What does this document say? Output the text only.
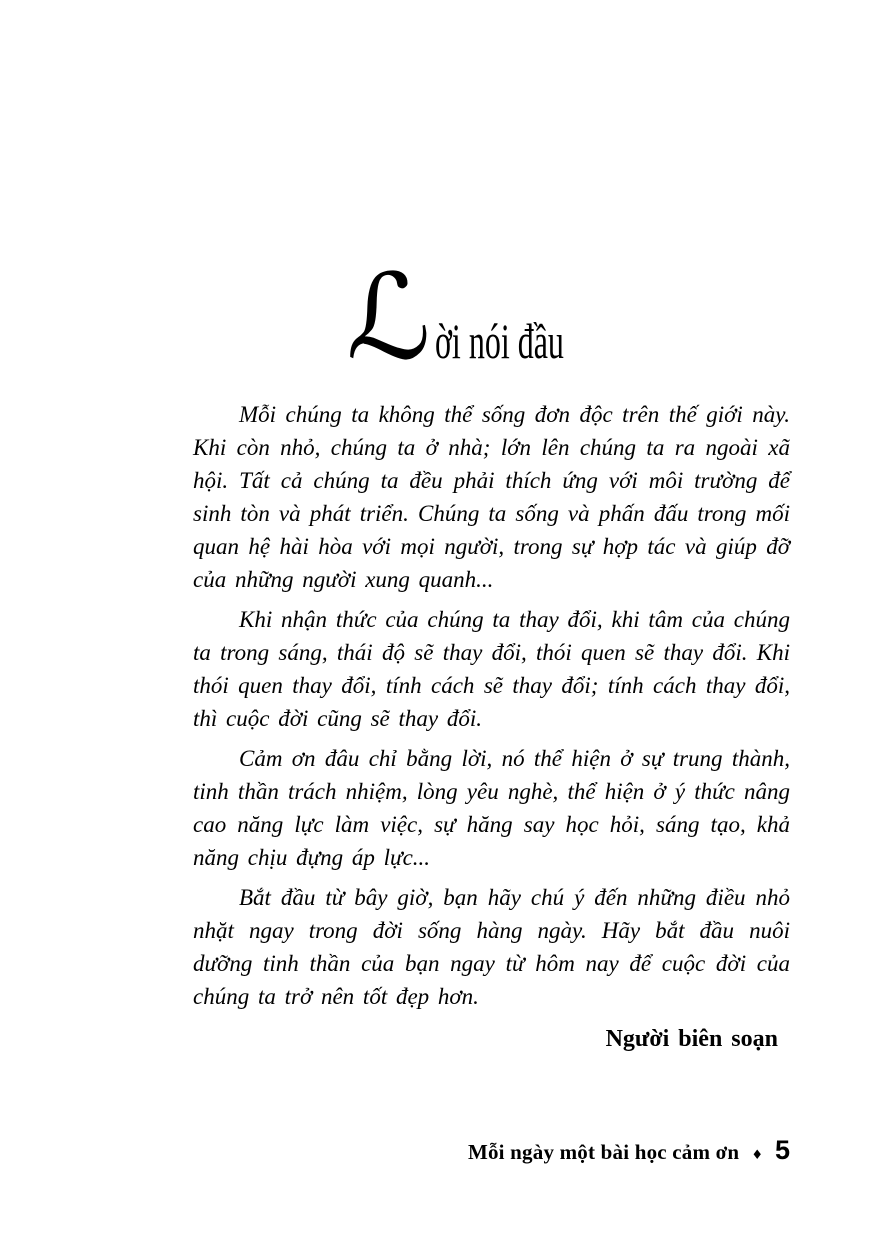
ℒ ời nói đầu

Mỗi chúng ta không thể sống đơn độc trên thế giới này. Khi còn nhỏ, chúng ta ở nhà; lớn lên chúng ta ra ngoài xã hội. Tất cả chúng ta đều phải thích ứng với môi trường để sinh tòn và phát triển. Chúng ta sống và phấn đấu trong mối quan hệ hài hòa với mọi người, trong sự hợp tác và giúp đỡ của những người xung quanh...

Khi nhận thức của chúng ta thay đổi, khi tâm của chúng ta trong sáng, thái độ sẽ thay đổi, thói quen sẽ thay đổi. Khi thói quen thay đổi, tính cách sẽ thay đổi; tính cách thay đổi, thì cuộc đời cũng sẽ thay đổi.

Cảm ơn đâu chỉ bằng lời, nó thể hiện ở sự trung thành, tinh thần trách nhiệm, lòng yêu nghè, thể hiện ở ý thức nâng cao năng lực làm việc, sự hăng say học hỏi, sáng tạo, khả năng chịu đựng áp lực...

Bắt đầu từ bây giờ, bạn hãy chú ý đến những điều nhỏ nhặt ngay trong đời sống hàng ngày. Hãy bắt đầu nuôi dưỡng tinh thần của bạn ngay từ hôm nay để cuộc đời của chúng ta trở nên tốt đẹp hơn.

Người biên soạn
Mỗi ngày một bài học cảm ơn ♦ 5
